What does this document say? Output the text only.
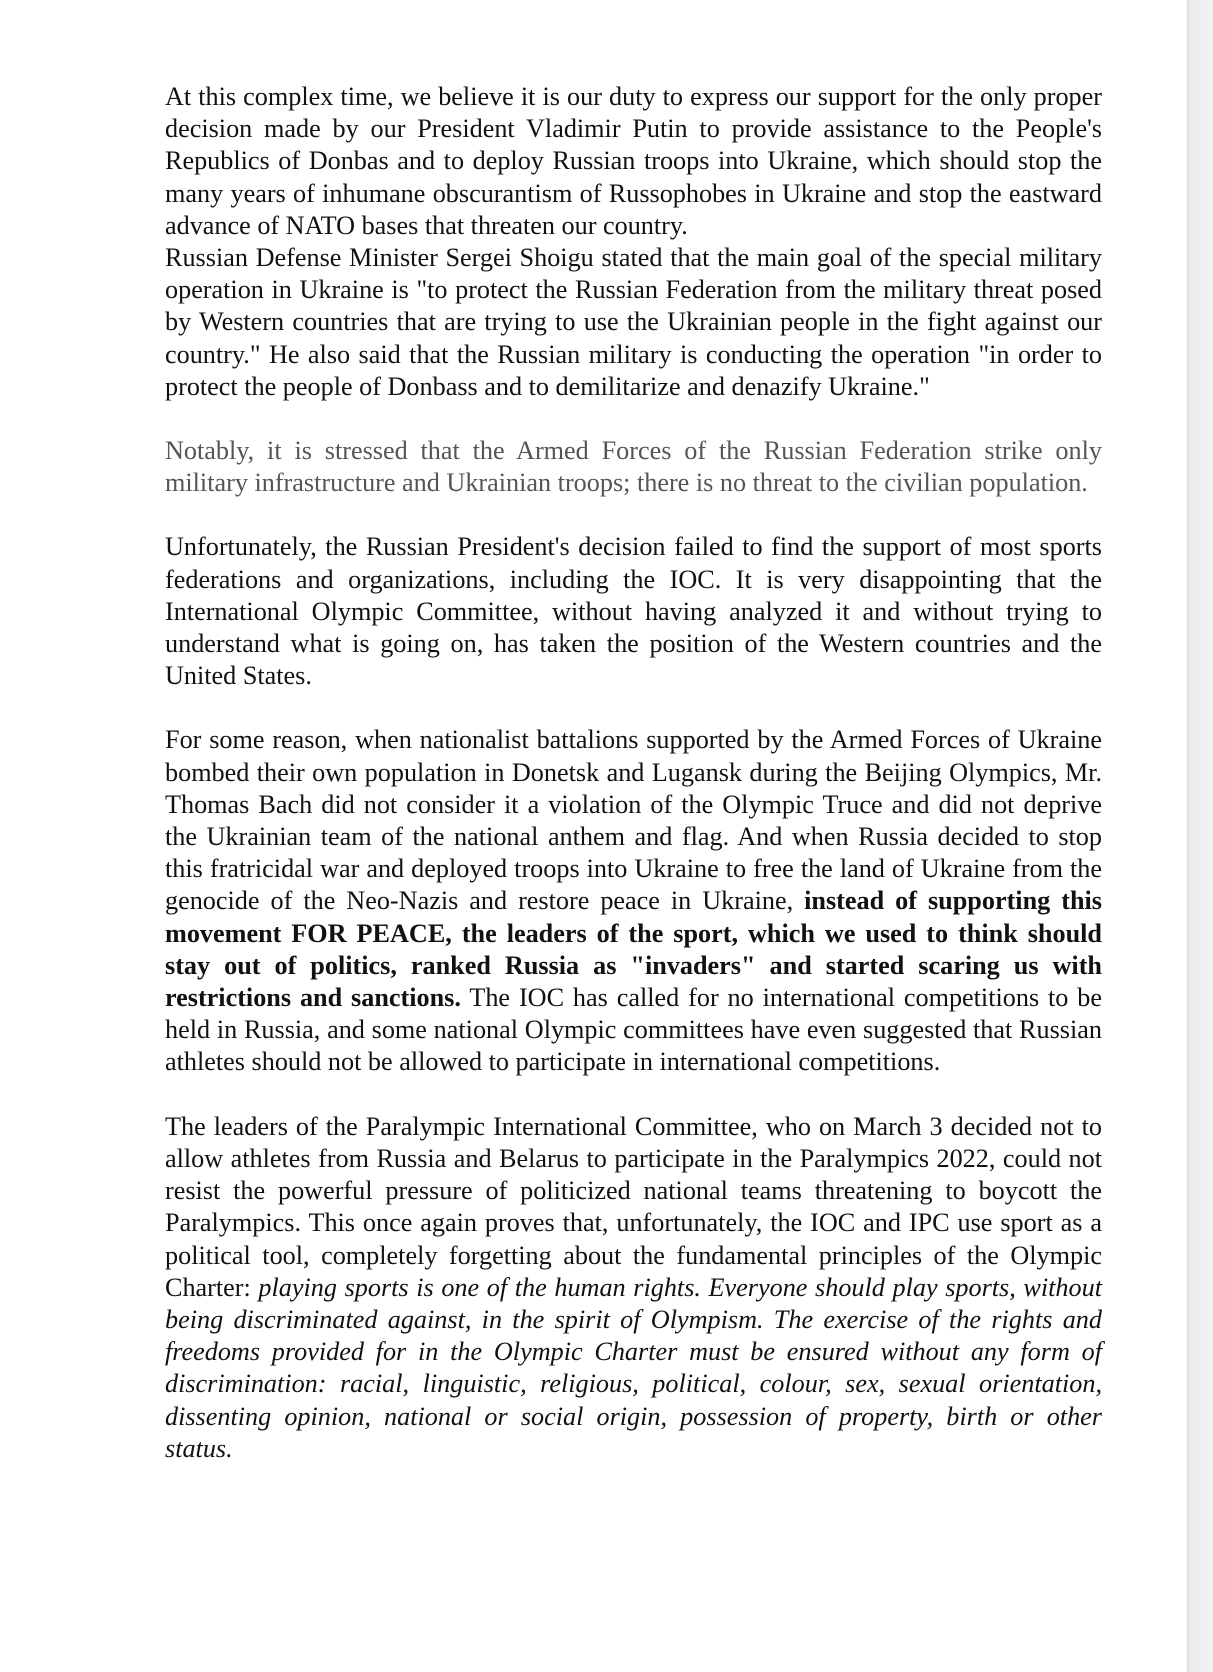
At this complex time, we believe it is our duty to express our support for the only proper decision made by our President Vladimir Putin to provide assistance to the People's Republics of Donbas and to deploy Russian troops into Ukraine, which should stop the many years of inhumane obscurantism of Russophobes in Ukraine and stop the eastward advance of NATO bases that threaten our country.

Russian Defense Minister Sergei Shoigu stated that the main goal of the special military operation in Ukraine is "to protect the Russian Federation from the military threat posed by Western countries that are trying to use the Ukrainian people in the fight against our country." He also said that the Russian military is conducting the operation "in order to protect the people of Donbass and to demilitarize and denazify Ukraine."

Notably, it is stressed that the Armed Forces of the Russian Federation strike only military infrastructure and Ukrainian troops; there is no threat to the civilian population.

Unfortunately, the Russian President's decision failed to find the support of most sports federations and organizations, including the IOC. It is very disappointing that the International Olympic Committee, without having analyzed it and without trying to understand what is going on, has taken the position of the Western countries and the United States.

For some reason, when nationalist battalions supported by the Armed Forces of Ukraine bombed their own population in Donetsk and Lugansk during the Beijing Olympics, Mr. Thomas Bach did not consider it a violation of the Olympic Truce and did not deprive the Ukrainian team of the national anthem and flag. And when Russia decided to stop this fratricidal war and deployed troops into Ukraine to free the land of Ukraine from the genocide of the Neo-Nazis and restore peace in Ukraine, instead of supporting this movement FOR PEACE, the leaders of the sport, which we used to think should stay out of politics, ranked Russia as "invaders" and started scaring us with restrictions and sanctions. The IOC has called for no international competitions to be held in Russia, and some national Olympic committees have even suggested that Russian athletes should not be allowed to participate in international competitions.

The leaders of the Paralympic International Committee, who on March 3 decided not to allow athletes from Russia and Belarus to participate in the Paralympics 2022, could not resist the powerful pressure of politicized national teams threatening to boycott the Paralympics. This once again proves that, unfortunately, the IOC and IPC use sport as a political tool, completely forgetting about the fundamental principles of the Olympic Charter: playing sports is one of the human rights. Everyone should play sports, without being discriminated against, in the spirit of Olympism. The exercise of the rights and freedoms provided for in the Olympic Charter must be ensured without any form of discrimination: racial, linguistic, religious, political, colour, sex, sexual orientation, dissenting opinion, national or social origin, possession of property, birth or other status.
